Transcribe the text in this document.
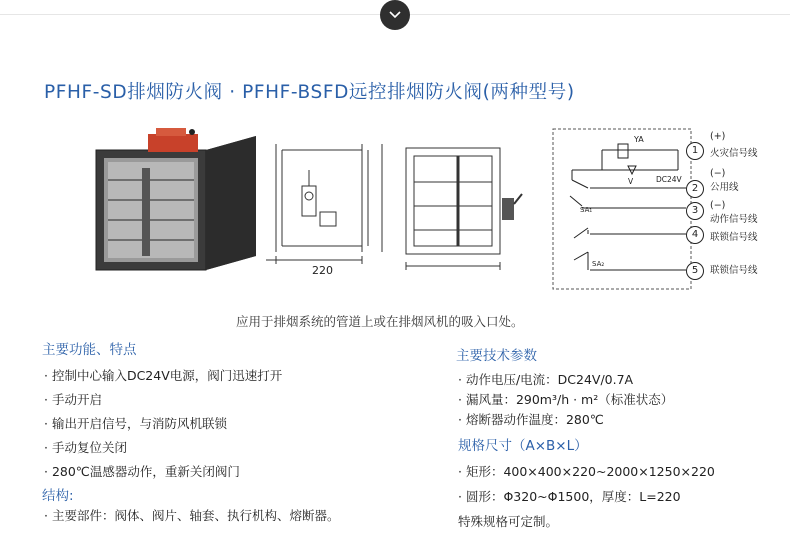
PFHF-SD排烟防火阀 · PFHF-BSFD远控排烟防火阀(两种型号)
220
YA
DC24V
V
SA₁
SA₂
1
2
3
4
5
(+)
火灾信号线
(−)
公用线
(−)
动作信号线
联锁信号线
联锁信号线
应用于排烟系统的管道上或在排烟风机的吸入口处。
主要功能、特点
· 控制中心输入DC24V电源，阀门迅速打开
· 手动开启
· 输出开启信号，与消防风机联锁
· 手动复位关闭
· 280℃温感器动作，重新关闭阀门
结构:
· 主要部件：阀体、阀片、轴套、执行机构、熔断器。
主要技术参数
· 动作电压/电流：DC24V/0.7A
· 漏风量：290m³/h · m²（标准状态）
· 熔断器动作温度：280℃
规格尺寸（A×B×L）
· 矩形：400×400×220~2000×1250×220
· 圆形：Φ320~Φ1500，厚度：L=220
特殊规格可定制。
